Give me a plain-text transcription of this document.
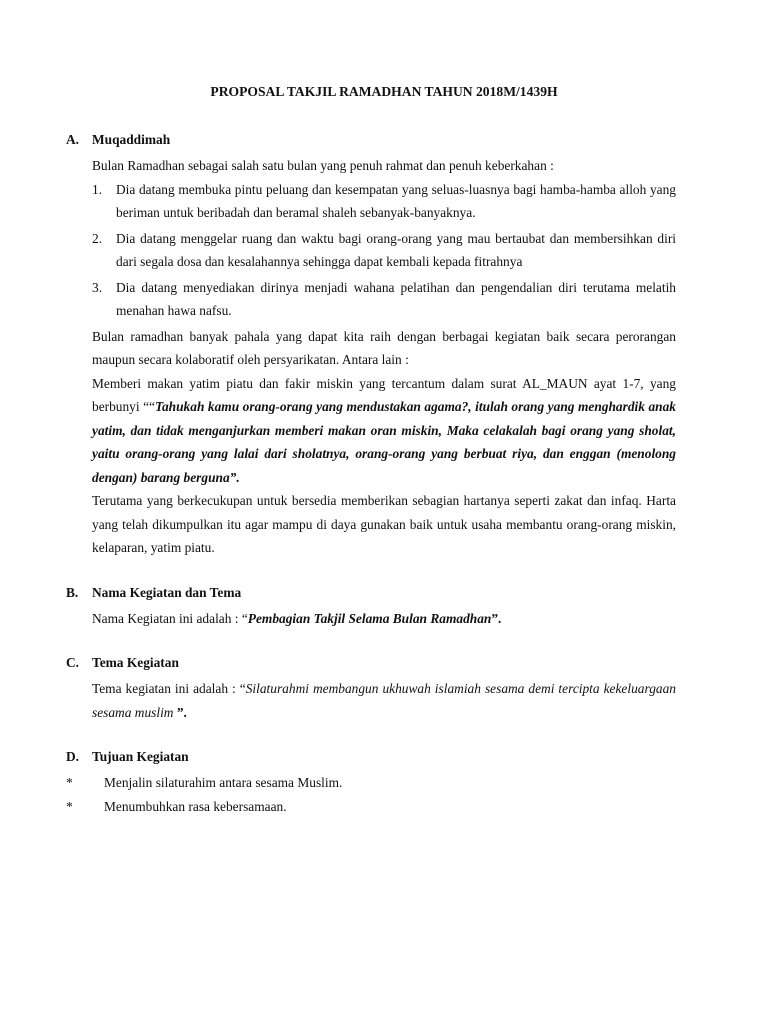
PROPOSAL TAKJIL RAMADHAN TAHUN 2018M/1439H

A. Muqaddimah

Bulan Ramadhan sebagai salah satu bulan yang penuh rahmat dan penuh keberkahan :

1. Dia datang membuka pintu peluang dan kesempatan yang seluas-luasnya bagi hamba-hamba alloh yang beriman untuk beribadah dan beramal shaleh sebanyak-banyaknya.
2. Dia datang menggelar ruang dan waktu bagi orang-orang yang mau bertaubat dan membersihkan diri dari segala dosa dan kesalahannya sehingga dapat kembali kepada fitrahnya
3. Dia datang menyediakan dirinya menjadi wahana pelatihan dan pengendalian diri terutama melatih menahan hawa nafsu.

Bulan ramadhan banyak pahala yang dapat kita raih dengan berbagai kegiatan baik secara perorangan maupun secara kolaboratif oleh persyarikatan. Antara lain :

Memberi makan yatim piatu dan fakir miskin yang tercantum dalam surat AL_MAUN ayat 1-7, yang berbunyi ““Tahukah kamu orang-orang yang mendustakan agama?, itulah orang yang menghardik anak yatim, dan tidak menganjurkan memberi makan oran miskin, Maka celakalah bagi orang yang sholat, yaitu orang-orang yang lalai dari sholatnya, orang-orang yang berbuat riya, dan enggan (menolong dengan) barang berguna”.

Terutama yang berkecukupan untuk bersedia memberikan sebagian hartanya seperti zakat dan infaq. Harta yang telah dikumpulkan itu agar mampu di daya gunakan baik untuk usaha membantu orang-orang miskin, kelaparan, yatim piatu.

B. Nama Kegiatan dan Tema

Nama Kegiatan ini adalah : “Pembagian Takjil Selama Bulan Ramadhan”.

C. Tema Kegiatan

Tema kegiatan ini adalah : “Silaturahmi membangun ukhuwah islamiah sesama demi tercipta kekeluargaan sesama muslim ”.

D. Tujuan Kegiatan
* Menjalin silaturahim antara sesama Muslim.
* Menumbuhkan rasa kebersamaan.
